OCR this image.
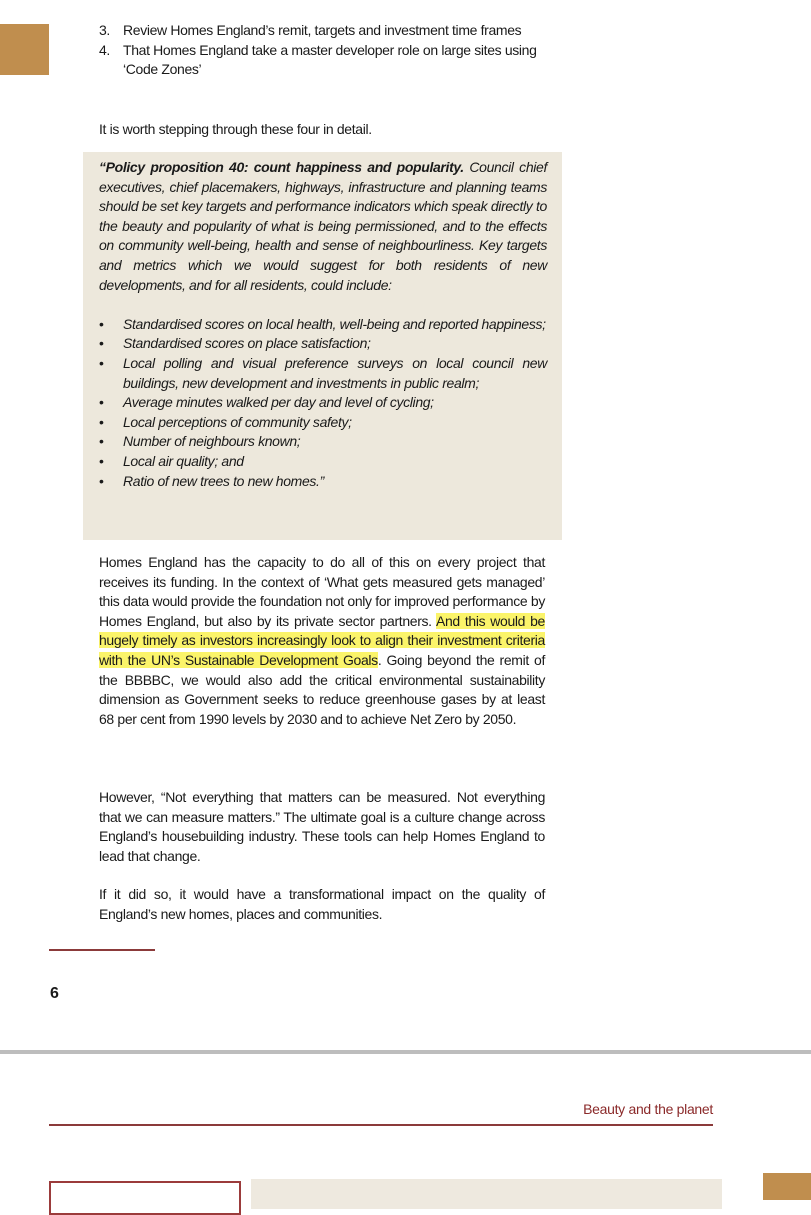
3. Review Homes England’s remit, targets and investment time frames
4. That Homes England take a master developer role on large sites using ‘Code Zones’

It is worth stepping through these four in detail.

“Policy proposition 40: count happiness and popularity. Council chief executives, chief placemakers, highways, infrastructure and planning teams should be set key targets and performance indicators which speak directly to the beauty and popularity of what is being permissioned, and to the effects on community well-being, health and sense of neighbourliness. Key targets and metrics which we would suggest for both residents of new developments, and for all residents, could include:

• Standardised scores on local health, well-being and reported happiness;
• Standardised scores on place satisfaction;
• Local polling and visual preference surveys on local council new buildings, new development and investments in public realm;
• Average minutes walked per day and level of cycling;
• Local perceptions of community safety;
• Number of neighbours known;
• Local air quality; and
• Ratio of new trees to new homes.”

Homes England has the capacity to do all of this on every project that receives its funding. In the context of ‘What gets measured gets managed’ this data would provide the foundation not only for improved performance by Homes England, but also by its private sector partners. And this would be hugely timely as investors increasingly look to align their investment criteria with the UN’s Sustainable Development Goals. Going beyond the remit of the BBBBC, we would also add the critical environmental sustainability dimension as Government seeks to reduce greenhouse gases by at least 68 per cent from 1990 levels by 2030 and to achieve Net Zero by 2050.

However, “Not everything that matters can be measured. Not everything that we can measure matters.” The ultimate goal is a culture change across England’s housebuilding industry. These tools can help Homes England to lead that change.

If it did so, it would have a transformational impact on the quality of England’s new homes, places and communities.

6
Beauty and the planet
